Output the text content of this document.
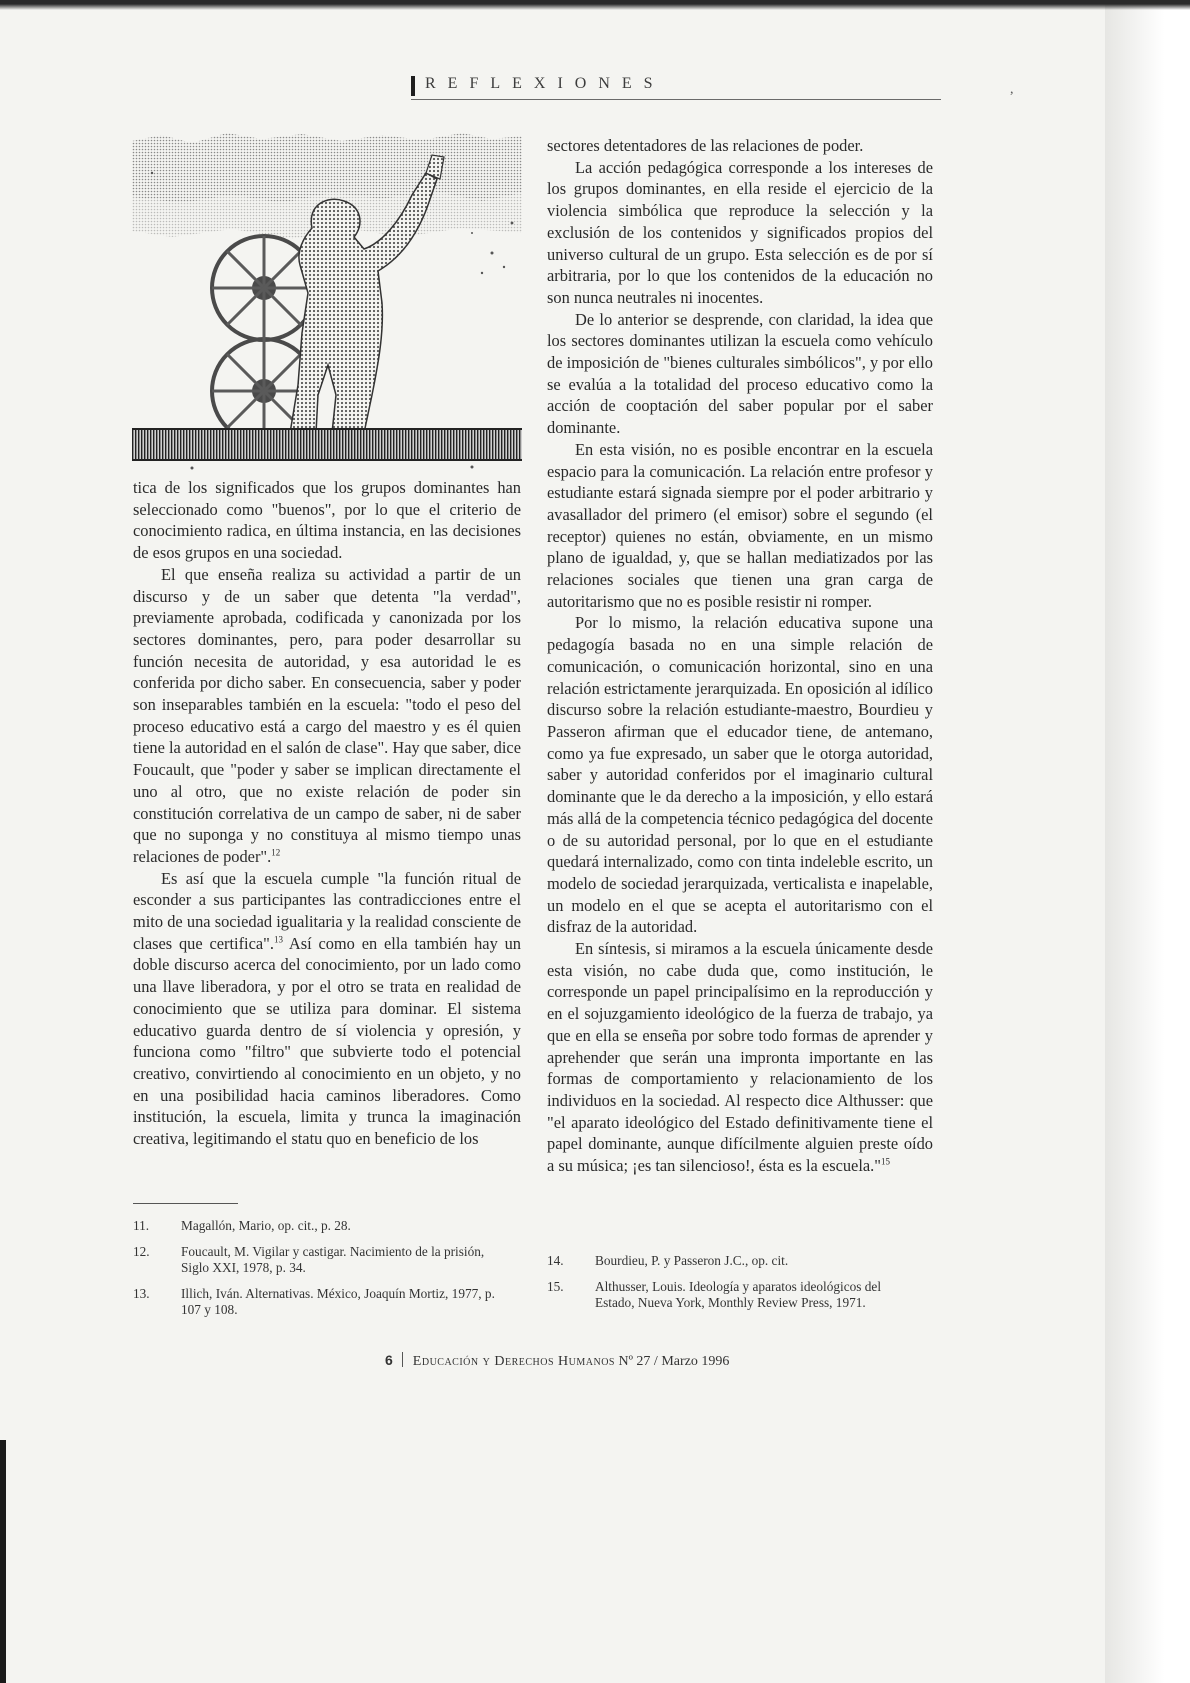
REFLEXIONES	,

tica de los significados que los grupos dominantes han seleccionado como "buenos", por lo que el criterio de conocimiento radica, en última instancia, en las decisiones de esos grupos en una sociedad.

El que enseña realiza su actividad a partir de un discurso y de un saber que detenta "la verdad", previamente aprobada, codificada y canonizada por los sectores dominantes, pero, para poder desarrollar su función necesita de autoridad, y esa autoridad le es conferida por dicho saber. En consecuencia, saber y poder son inseparables también en la escuela: "todo el peso del proceso educativo está a cargo del maestro y es él quien tiene la autoridad en el salón de clase". Hay que saber, dice Foucault, que "poder y saber se implican directamente el uno al otro, que no existe relación de poder sin constitución correlativa de un campo de saber, ni de saber que no suponga y no constituya al mismo tiempo unas relaciones de poder".$^{12}$

Es así que la escuela cumple "la función ritual de esconder a sus participantes las contradicciones entre el mito de una sociedad igualitaria y la realidad consciente de clases que certifica".$^{13}$ Así como en ella también hay un doble discurso acerca del conocimiento, por un lado como una llave liberadora, y por el otro se trata en realidad de conocimiento que se utiliza para dominar. El sistema educativo guarda dentro de sí violencia y opresión, y funciona como "filtro" que subvierte todo el potencial creativo, convirtiendo al conocimiento en un objeto, y no en una posibilidad hacia caminos liberadores. Como institución, la escuela, limita y trunca la imaginación creativa, legitimando el statu quo en beneficio de los

sectores detentadores de las relaciones de poder.

La acción pedagógica corresponde a los intereses de los grupos dominantes, en ella reside el ejercicio de la violencia simbólica que reproduce la selección y la exclusión de los contenidos y significados propios del universo cultural de un grupo. Esta selección es de por sí arbitraria, por lo que los contenidos de la educación no son nunca neutrales ni inocentes.

De lo anterior se desprende, con claridad, la idea que los sectores dominantes utilizan la escuela como vehículo de imposición de "bienes culturales simbólicos", y por ello se evalúa a la totalidad del proceso educativo como la acción de cooptación del saber popular por el saber dominante.

En esta visión, no es posible encontrar en la escuela espacio para la comunicación. La relación entre profesor y estudiante estará signada siempre por el poder arbitrario y avasallador del primero (el emisor) sobre el segundo (el receptor) quienes no están, obviamente, en un mismo plano de igualdad, y, que se hallan mediatizados por las relaciones sociales que tienen una gran carga de autoritarismo que no es posible resistir ni romper.

Por lo mismo, la relación educativa supone una pedagogía basada no en una simple relación de comunicación, o comunicación horizontal, sino en una relación estrictamente jerarquizada. En oposición al idílico discurso sobre la relación estudiante-maestro, Bourdieu y Passeron afirman que el educador tiene, de antemano, como ya fue expresado, un saber que le otorga autoridad, saber y autoridad conferidos por el imaginario cultural dominante que le da derecho a la imposición, y ello estará más allá de la competencia técnico pedagógica del docente o de su autoridad personal, por lo que en el estudiante quedará internalizado, como con tinta indeleble escrito, un modelo de sociedad jerarquizada, verticalista e inapelable, un modelo en el que se acepta el autoritarismo con el disfraz de la autoridad.

En síntesis, si miramos a la escuela únicamente desde esta visión, no cabe duda que, como institución, le corresponde un papel principalísimo en la reproducción y en el sojuzgamiento ideológico de la fuerza de trabajo, ya que en ella se enseña por sobre todo formas de aprender y aprehender que serán una impronta importante en las formas de comportamiento y relacionamiento de los individuos en la sociedad. Al respecto dice Althusser: que "el aparato ideológico del Estado definitivamente tiene el papel dominante, aunque difícilmente alguien preste oído a su música; ¡es tan silencioso!, ésta es la escuela."$^{15}$

11. Magallón, Mario, op. cit., p. 28.
12. Foucault, M. Vigilar y castigar. Nacimiento de la prisión, Siglo XXI, 1978, p. 34.
13. Illich, Iván. Alternativas. México, Joaquín Mortiz, 1977, p. 107 y 108.
14. Bourdieu, P. y Passeron J.C., op. cit.
15. Althusser, Louis. Ideología y aparatos ideológicos del Estado, Nueva York, Monthly Review Press, 1971.
6 Educación y Derechos Humanos Nº 27 / Marzo 1996
